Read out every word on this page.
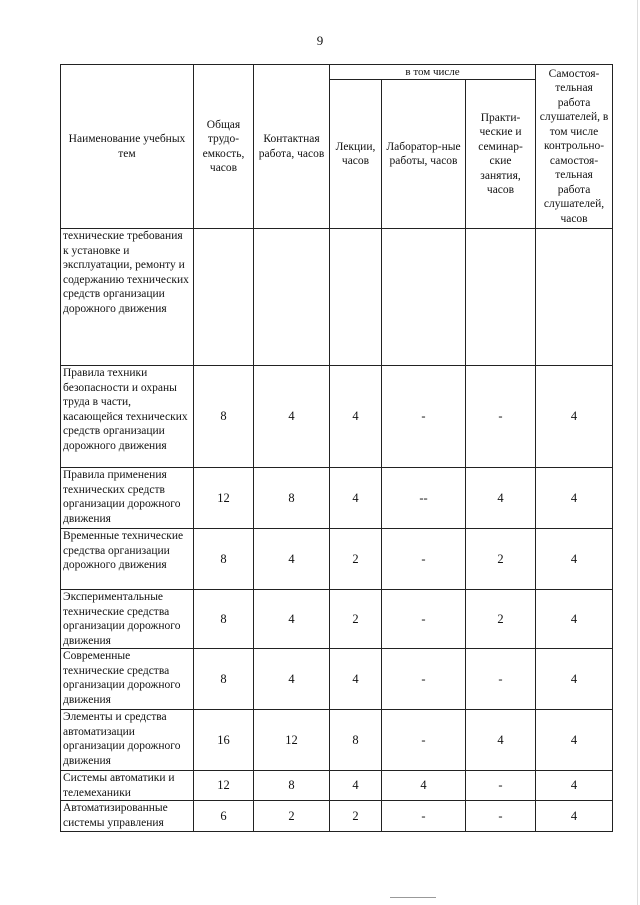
9
Наименование учебных тем	Общая трудо-емкость, часов	Контактная работа, часов	в том числе			Самостоя-тельная работа слушателей, в том числе контрольно-самостоя-тельная работа слушателей, часов
			Лекции, часов	Лаборатор-ные работы, часов	Практи-ческие и семинар-ские занятия, часов	
технические требования к установке и эксплуатации, ремонту и содержанию технических средств организации дорожного движения						
Правила техники безопасности и охраны труда в части, касающейся технических средств организации дорожного движения	8	4	4	-	-	4
Правила применения технических средств организации дорожного движения	12	8	4	--	4	4
Временные технические средства организации дорожного движения	8	4	2	-	2	4
Экспериментальные технические средства организации дорожного движения	8	4	2	-	2	4
Современные технические средства организации дорожного движения	8	4	4	-	-	4
Элементы и средства автоматизации организации дорожного движения	16	12	8	-	4	4
Системы автоматики и телемеханики	12	8	4	4	-	4
Автоматизированные системы управления	6	2	2	-	-	4
